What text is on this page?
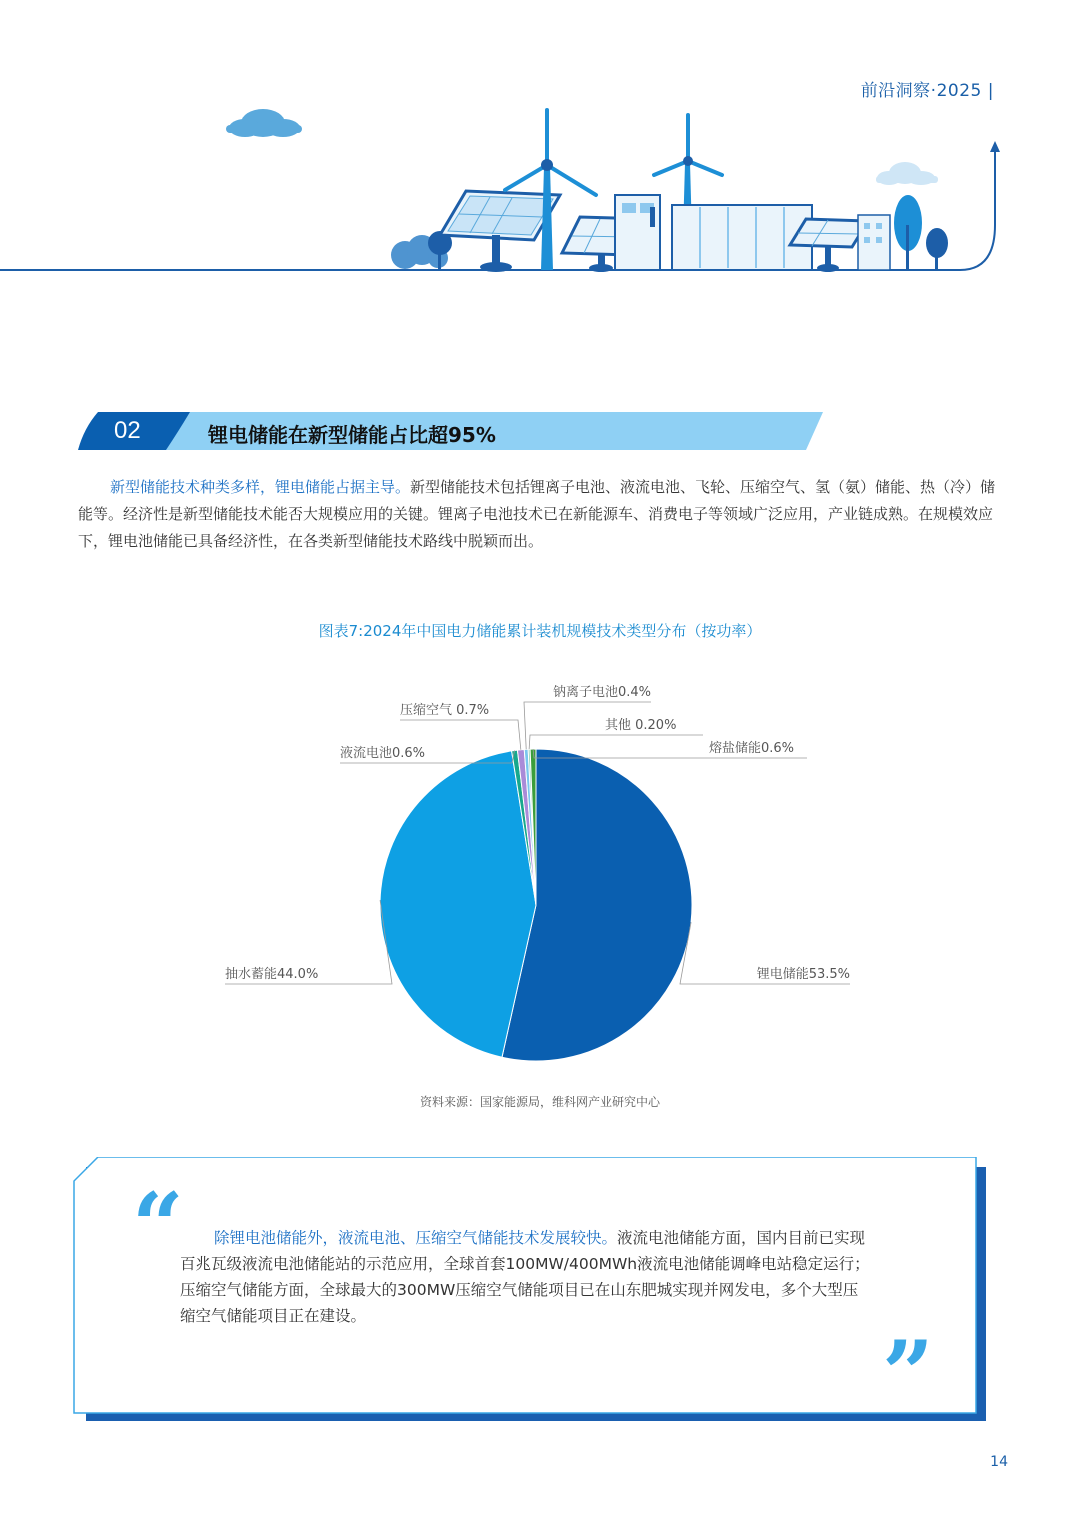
前沿洞察·2025 |
02	锂电储能在新型储能占比超95%
新型储能技术种类多样，锂电储能占据主导。新型储能技术包括锂离子电池、液流电池、飞轮、压缩空气、氢（氨）储能、热（冷）储能等。经济性是新型储能技术能否大规模应用的关键。锂离子电池技术已在新能源车、消费电子等领域广泛应用，产业链成熟。在规模效应下，锂电池储能已具备经济性，在各类新型储能技术路线中脱颖而出。
图表7:2024年中国电力储能累计装机规模技术类型分布（按功率）
锂电储能53.5%
抽水蓄能44.0%
液流电池0.6%
压缩空气 0.7%
钠离子电池0.4%
其他 0.20%
熔盐储能0.6%
资料来源：国家能源局，维科网产业研究中心
“	除锂电池储能外，液流电池、压缩空气储能技术发展较快。液流电池储能方面，国内目前已实现百兆瓦级液流电池储能站的示范应用，全球首套100MW/400MWh液流电池储能调峰电站稳定运行；压缩空气储能方面，全球最大的300MW压缩空气储能项目已在山东肥城实现并网发电，多个大型压缩空气储能项目正在建设。
”
14
